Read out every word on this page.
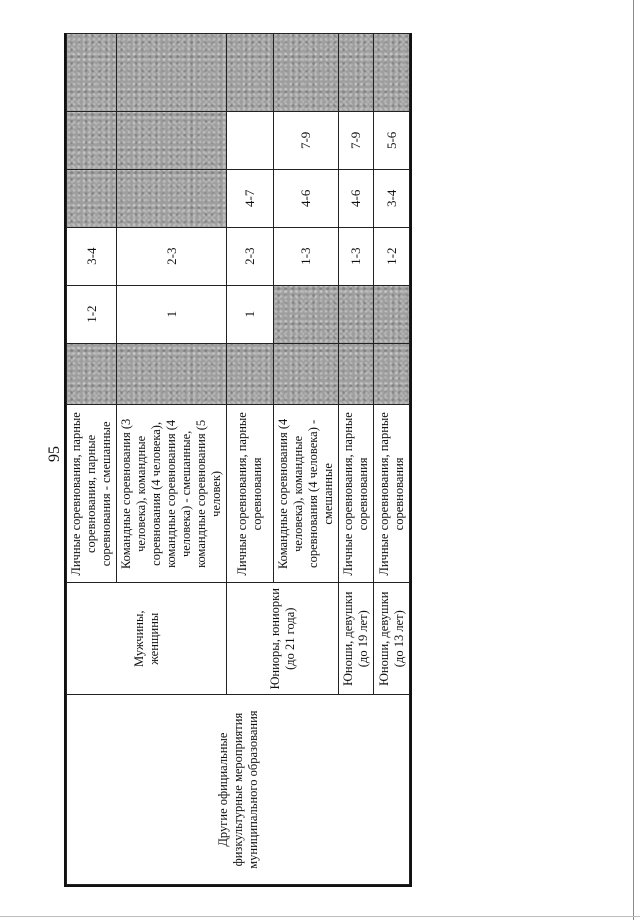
95
Другие официальные физкультурные мероприятия муниципального образования	Мужчины, женщины	Личные соревнования, парные соревнования, парные соревнования - смешанные		1-2	3-4			
		Командные соревнования (3 человека), командные соревнования (4 человека), командные соревнования (4 человека) - смешанные, командные соревнования (5 человек)		1	2-3			
	Юниоры, юниорки (до 21 года)	Личные соревнования, парные соревнования		1	2-3	4-7		
		Командные соревнования (4 человека), командные соревнования (4 человека) - смешанные			1-3	4-6	7-9	
	Юноши, девушки (до 19 лет)	Личные соревнования, парные соревнования			1-3	4-6	7-9	
	Юноши, девушки (до 13 лет)	Личные соревнования, парные соревнования			1-2	3-4	5-6	
